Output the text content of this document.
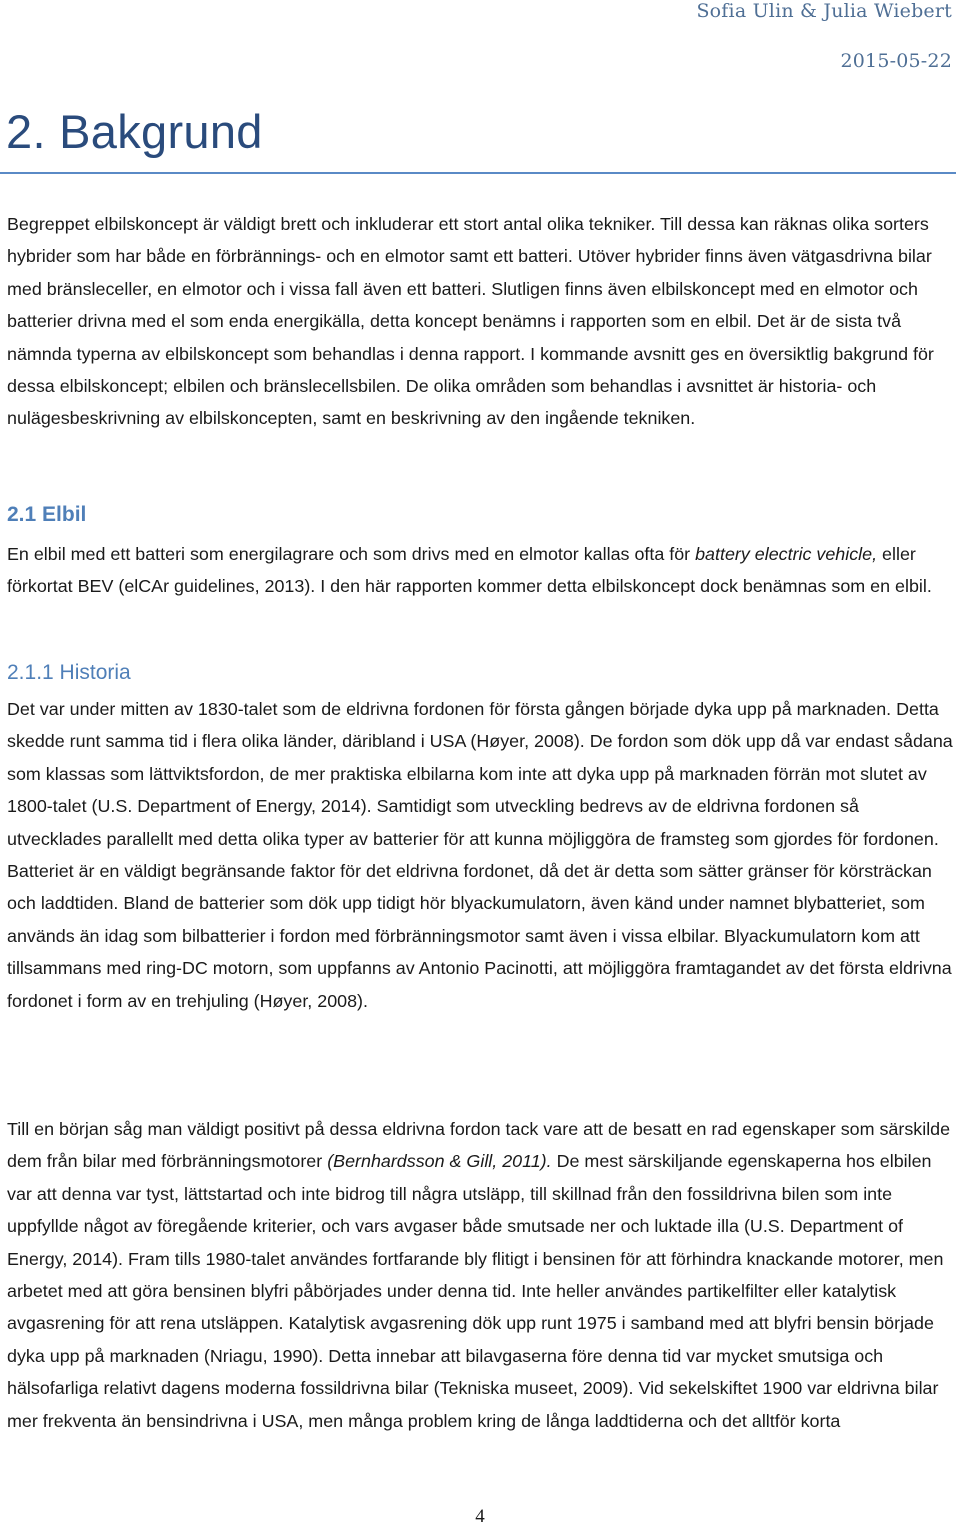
Sofia Ulin & Julia Wiebert
2015-05-22
2. Bakgrund

Begreppet elbilskoncept är väldigt brett och inkluderar ett stort antal olika tekniker. Till dessa kan räknas olika sorters hybrider som har både en förbrännings- och en elmotor samt ett batteri. Utöver hybrider finns även vätgasdrivna bilar med bränsleceller, en elmotor och i vissa fall även ett batteri. Slutligen finns även elbilskoncept med en elmotor och batterier drivna med el som enda energikälla, detta koncept benämns i rapporten som en elbil. Det är de sista två nämnda typerna av elbilskoncept som behandlas i denna rapport. I kommande avsnitt ges en översiktlig bakgrund för dessa elbilskoncept; elbilen och bränslecellsbilen. De olika områden som behandlas i avsnittet är historia- och nulägesbeskrivning av elbilskoncepten, samt en beskrivning av den ingående tekniken.

2.1 Elbil

En elbil med ett batteri som energilagrare och som drivs med en elmotor kallas ofta för battery electric vehicle, eller förkortat BEV (elCAr guidelines, 2013). I den här rapporten kommer detta elbilskoncept dock benämnas som en elbil.

2.1.1 Historia

Det var under mitten av 1830-talet som de eldrivna fordonen för första gången började dyka upp på marknaden. Detta skedde runt samma tid i flera olika länder, däribland i USA (Høyer, 2008). De fordon som dök upp då var endast sådana som klassas som lättviktsfordon, de mer praktiska elbilarna kom inte att dyka upp på marknaden förrän mot slutet av 1800-talet (U.S. Department of Energy, 2014). Samtidigt som utveckling bedrevs av de eldrivna fordonen så utvecklades parallellt med detta olika typer av batterier för att kunna möjliggöra de framsteg som gjordes för fordonen. Batteriet är en väldigt begränsande faktor för det eldrivna fordonet, då det är detta som sätter gränser för körsträckan och laddtiden. Bland de batterier som dök upp tidigt hör blyackumulatorn, även känd under namnet blybatteriet, som används än idag som bilbatterier i fordon med förbränningsmotor samt även i vissa elbilar. Blyackumulatorn kom att tillsammans med ring-DC motorn, som uppfanns av Antonio Pacinotti, att möjliggöra framtagandet av det första eldrivna fordonet i form av en trehjuling (Høyer, 2008).

Till en början såg man väldigt positivt på dessa eldrivna fordon tack vare att de besatt en rad egenskaper som särskilde dem från bilar med förbränningsmotorer (Bernhardsson & Gill, 2011). De mest särskiljande egenskaperna hos elbilen var att denna var tyst, lättstartad och inte bidrog till några utsläpp, till skillnad från den fossildrivna bilen som inte uppfyllde något av föregående kriterier, och vars avgaser både smutsade ner och luktade illa (U.S. Department of Energy, 2014). Fram tills 1980-talet användes fortfarande bly flitigt i bensinen för att förhindra knackande motorer, men arbetet med att göra bensinen blyfri påbörjades under denna tid. Inte heller användes partikelfilter eller katalytisk avgasrening för att rena utsläppen. Katalytisk avgasrening dök upp runt 1975 i samband med att blyfri bensin började dyka upp på marknaden (Nriagu, 1990). Detta innebar att bilavgaserna före denna tid var mycket smutsiga och hälsofarliga relativt dagens moderna fossildrivna bilar (Tekniska museet, 2009). Vid sekelskiftet 1900 var eldrivna bilar mer frekventa än bensindrivna i USA, men många problem kring de långa laddtiderna och det alltför korta

4
